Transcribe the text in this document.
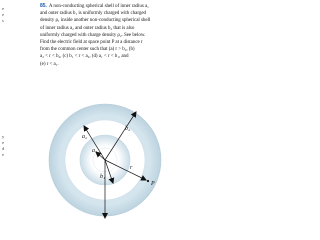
e
e
s
y
e
d
e
85. A non-conducting spherical shell of inner radius a₁
and outer radius b₁ is uniformly charged with charged
density ρ₁ inside another non-conducting spherical shell
of inner radius a₂ and outer radius b₂ that is also
uniformly charged with charge density ρ₂. See below.
Find the electric field at space point P at a distance r
from the common center such that (a) r > b₂, (b)
a₂ < r < b₂, (c) b₁ < r < a₂, (d) a₁ < r < b₁, and
(e) r < a₁.
a₁
b₁
a₂
b₂
r
P
